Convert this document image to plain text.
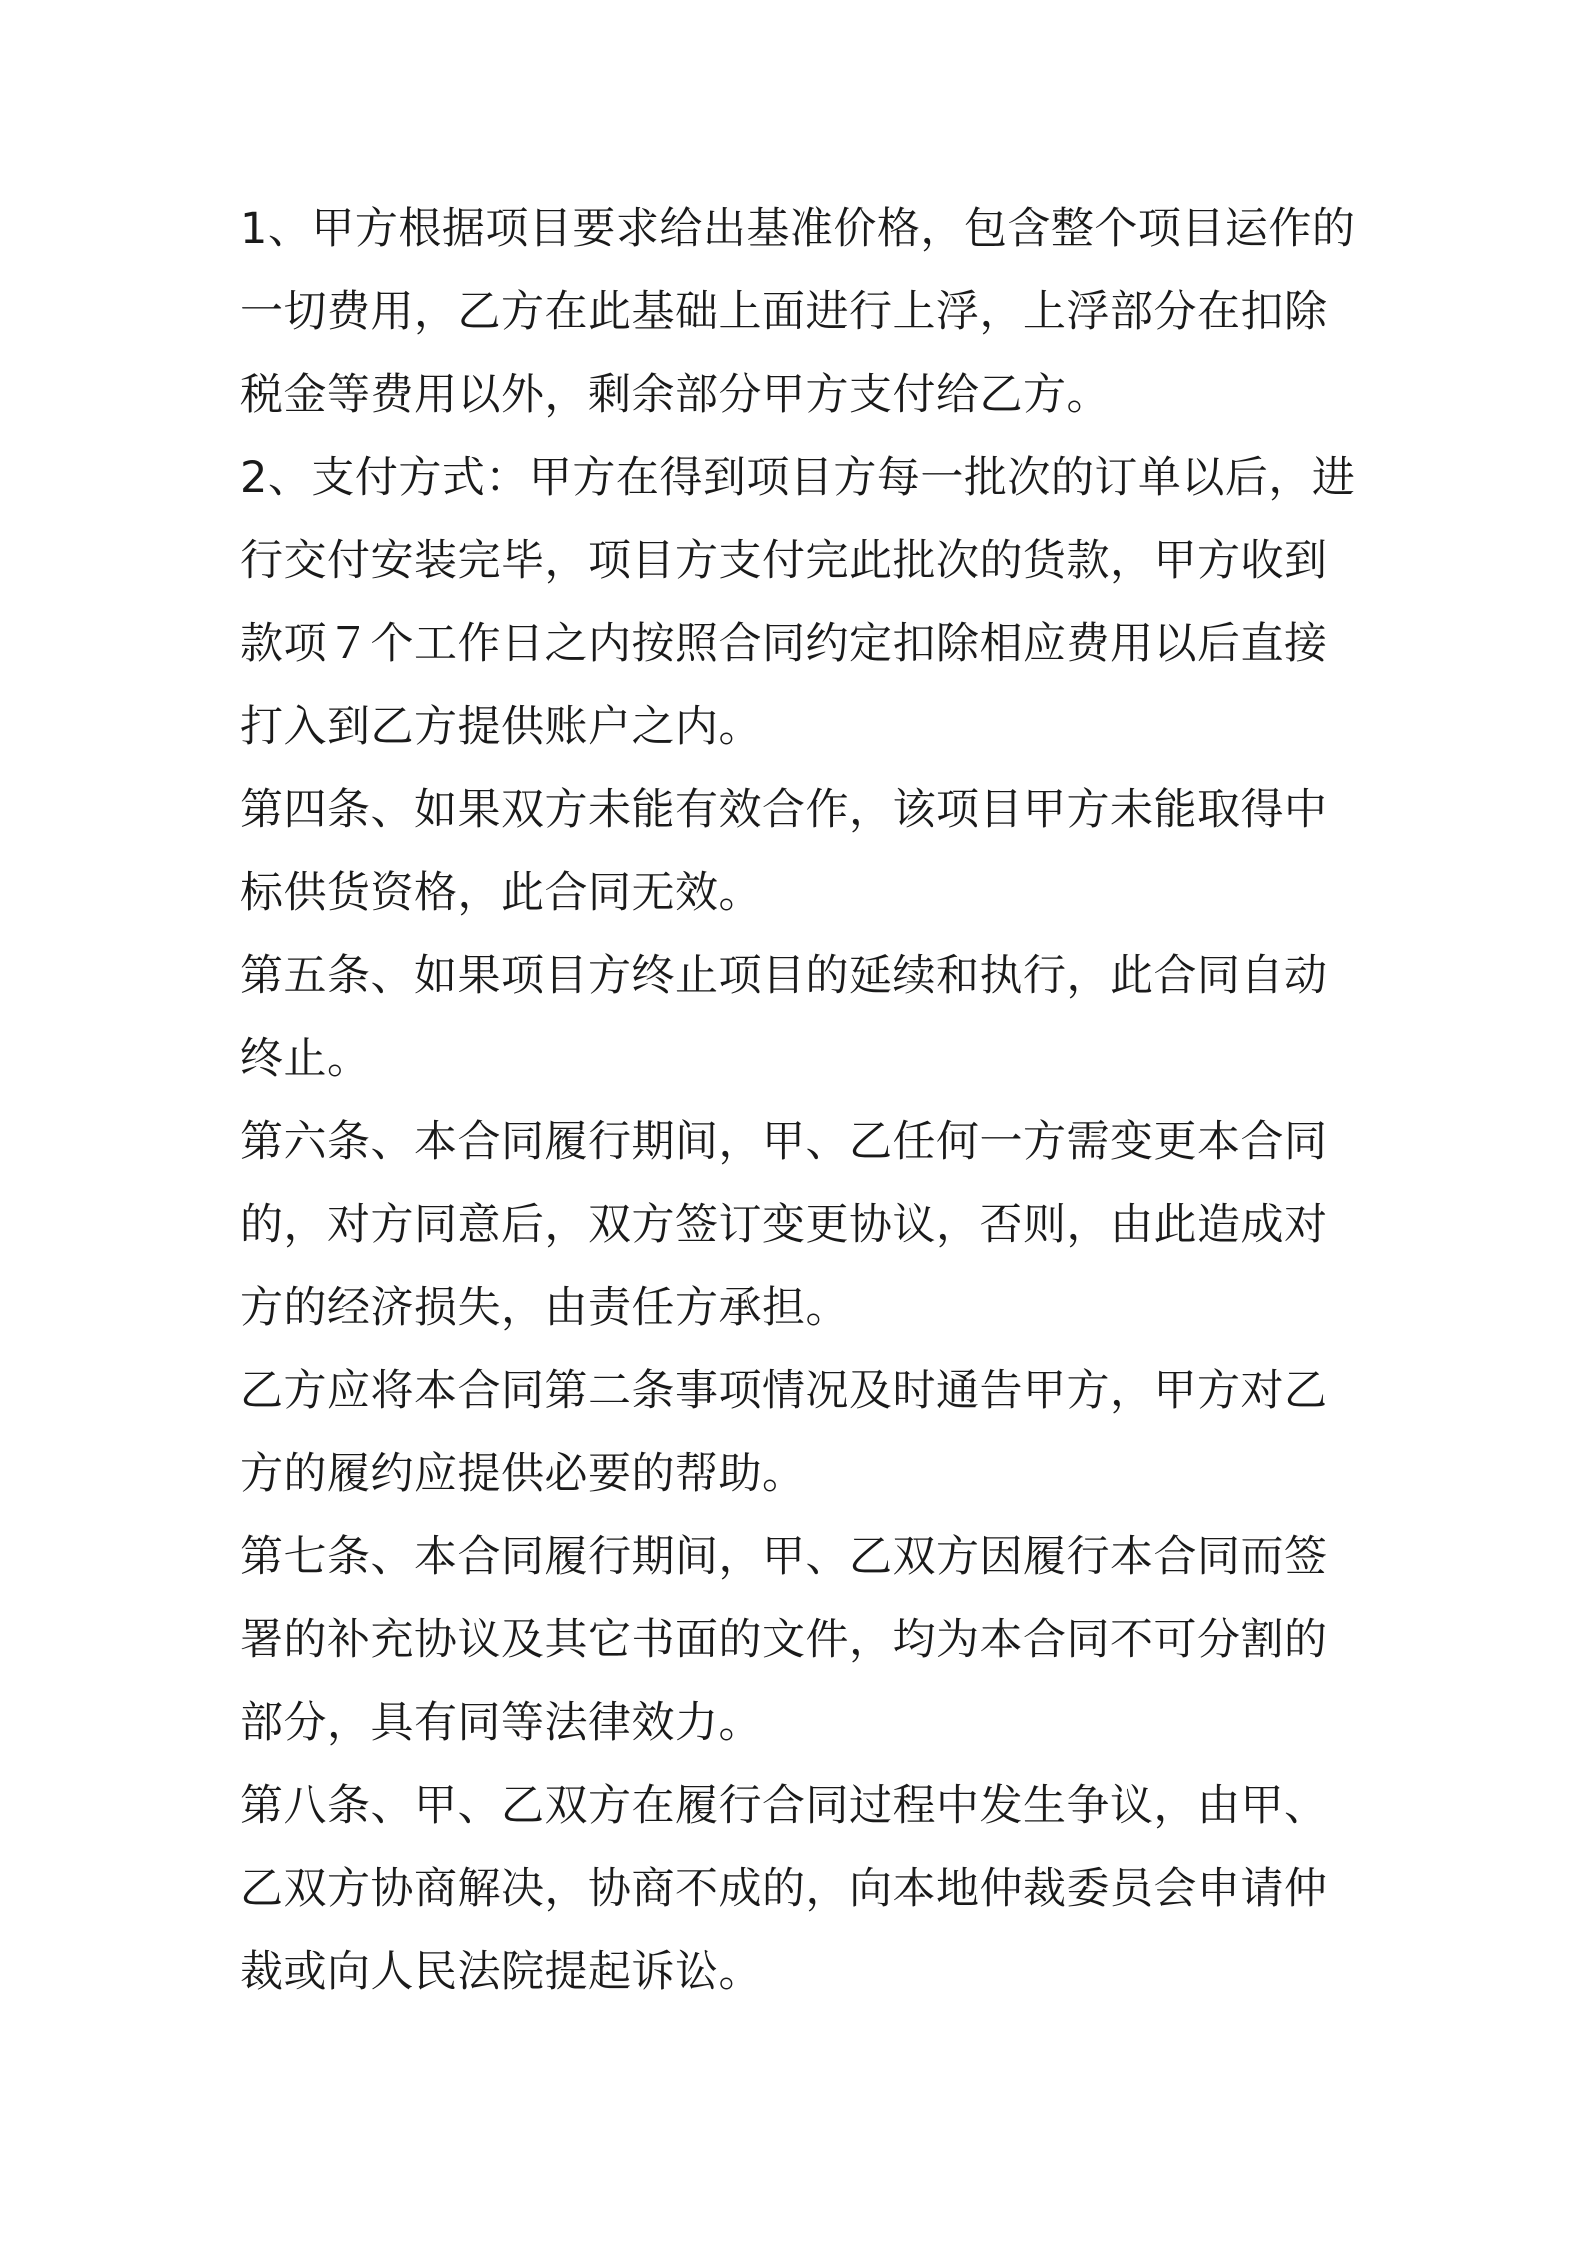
1、甲方根据项目要求给出基准价格，包含整个项目运作的一切费用，乙方在此基础上面进行上浮，上浮部分在扣除税金等费用以外，剩余部分甲方支付给乙方。

2、支付方式：甲方在得到项目方每一批次的订单以后，进行交付安装完毕，项目方支付完此批次的货款，甲方收到款项７个工作日之内按照合同约定扣除相应费用以后直接打入到乙方提供账户之内。

第四条、如果双方未能有效合作，该项目甲方未能取得中标供货资格，此合同无效。

第五条、如果项目方终止项目的延续和执行，此合同自动终止。

第六条、本合同履行期间，甲、乙任何一方需变更本合同的，对方同意后，双方签订变更协议，否则，由此造成对方的经济损失，由责任方承担。

乙方应将本合同第二条事项情况及时通告甲方，甲方对乙方的履约应提供必要的帮助。

第七条、本合同履行期间，甲、乙双方因履行本合同而签署的补充协议及其它书面的文件，均为本合同不可分割的部分，具有同等法律效力。

第八条、甲、乙双方在履行合同过程中发生争议，由甲、乙双方协商解决，协商不成的，向本地仲裁委员会申请仲裁或向人民法院提起诉讼。
